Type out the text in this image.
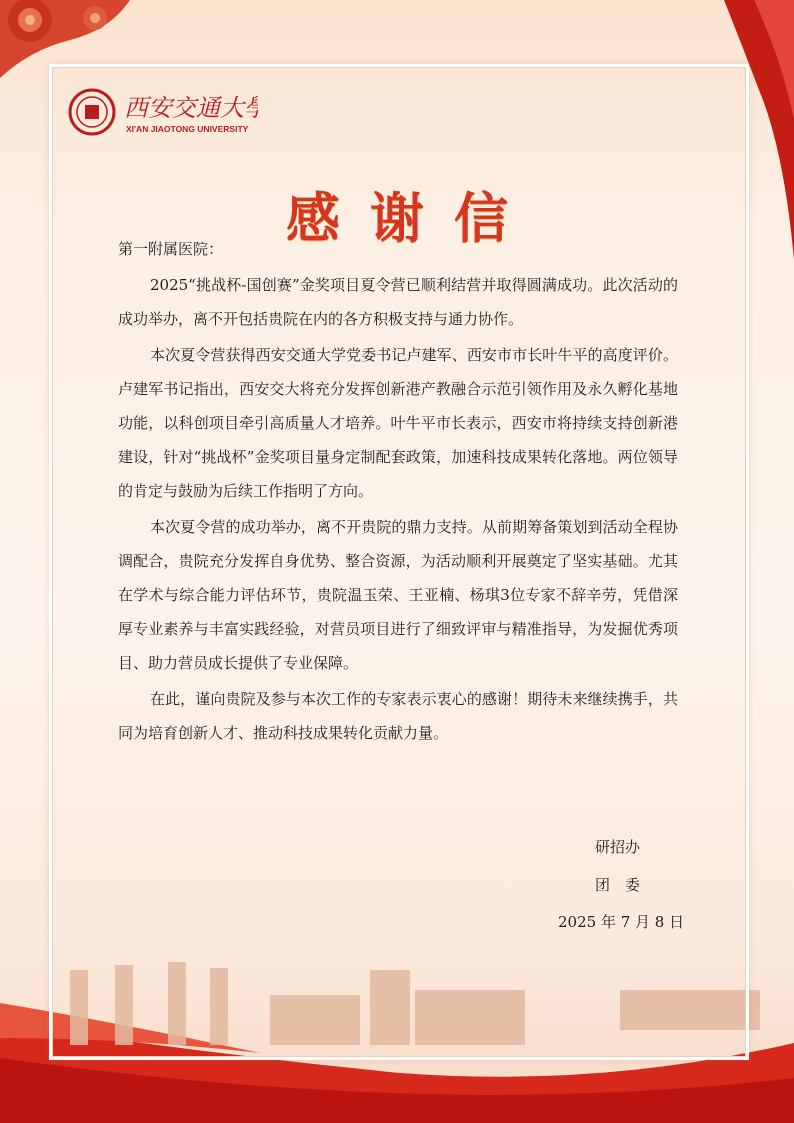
西安交通大學
XI'AN JIAOTONG UNIVERSITY
感谢信

第一附属医院：

2025“挑战杯-国创赛”金奖项目夏令营已顺利结营并取得圆满成功。此次活动的成功举办，离不开包括贵院在内的各方积极支持与通力协作。

本次夏令营获得西安交通大学党委书记卢建军、西安市市长叶牛平的高度评价。卢建军书记指出，西安交大将充分发挥创新港产教融合示范引领作用及永久孵化基地功能，以科创项目牵引高质量人才培养。叶牛平市长表示，西安市将持续支持创新港建设，针对“挑战杯”金奖项目量身定制配套政策，加速科技成果转化落地。两位领导的肯定与鼓励为后续工作指明了方向。

本次夏令营的成功举办，离不开贵院的鼎力支持。从前期筹备策划到活动全程协调配合，贵院充分发挥自身优势、整合资源，为活动顺利开展奠定了坚实基础。尤其在学术与综合能力评估环节，贵院温玉荣、王亚楠、杨琪3位专家不辞辛劳，凭借深厚专业素养与丰富实践经验，对营员项目进行了细致评审与精准指导，为发掘优秀项目、助力营员成长提供了专业保障。

在此，谨向贵院及参与本次工作的专家表示衷心的感谢！期待未来继续携手，共同为培育创新人才、推动科技成果转化贡献力量。

研招办
团　委
2025 年 7 月 8 日
